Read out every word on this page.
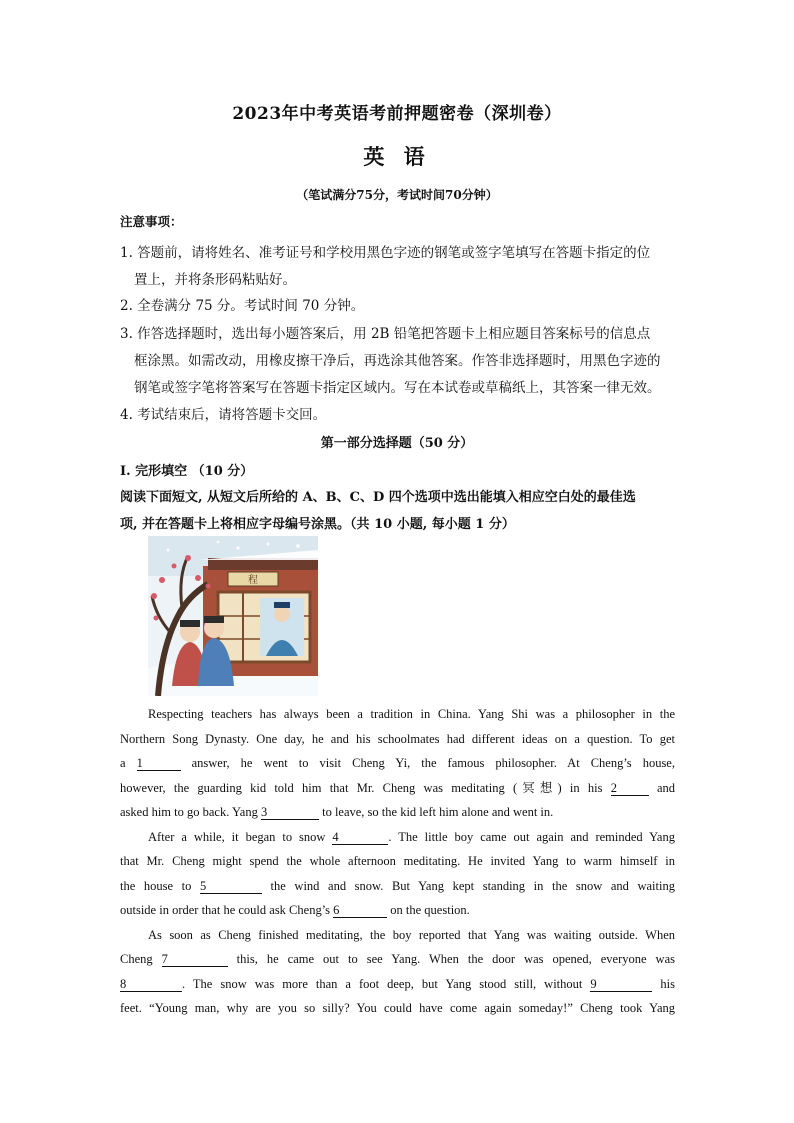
2023年中考英语考前押题密卷（深圳卷）
英 语
（笔试满分75分，考试时间70分钟）
注意事项：
1. 答题前，请将姓名、准考证号和学校用黑色字迹的钢笔或签字笔填写在答题卡指定的位
置上，并将条形码粘贴好。
2. 全卷满分 75 分。考试时间 70 分钟。
3. 作答选择题时，选出每小题答案后，用 2B 铅笔把答题卡上相应题目答案标号的信息点
框涂黑。如需改动，用橡皮擦干净后，再选涂其他答案。作答非选择题时，用黑色字迹的
钢笔或签字笔将答案写在答题卡指定区域内。写在本试卷或草稿纸上，其答案一律无效。
4. 考试结束后，请将答题卡交回。
第一部分选择题（50 分）
I. 完形填空 （10 分）
阅读下面短文, 从短文后所给的 A、B、C、D 四个选项中选出能填入相应空白处的最佳选
项, 并在答题卡上将相应字母编号涂黑。（共 10 小题, 每小题 1 分）
程
Respecting teachers has always been a tradition in China. Yang Shi was a philosopher in the
Northern Song Dynasty. One day, he and his schoolmates had different ideas on a question. To get
a 1	answer, he went to visit Cheng Yi, the famous philosopher. At Cheng’s house,
however, the guarding kid told him that Mr. Cheng was meditating (冥想) in his 2	and
asked him to go back. Yang 3	to leave, so the kid left him alone and went in.
After a while, it began to snow 4	. The little boy came out again and reminded Yang
that Mr. Cheng might spend the whole afternoon meditating. He invited Yang to warm himself in
the house to 5	the wind and snow. But Yang kept standing in the snow and waiting
outside in order that he could ask Cheng’s 6	on the question.
As soon as Cheng finished meditating, the boy reported that Yang was waiting outside. When
Cheng 7	this, he came out to see Yang. When the door was opened, everyone was
8	. The snow was more than a foot deep, but Yang stood still, without 9	his
feet. “Young man, why are you so silly? You could have come again someday!” Cheng took Yang
